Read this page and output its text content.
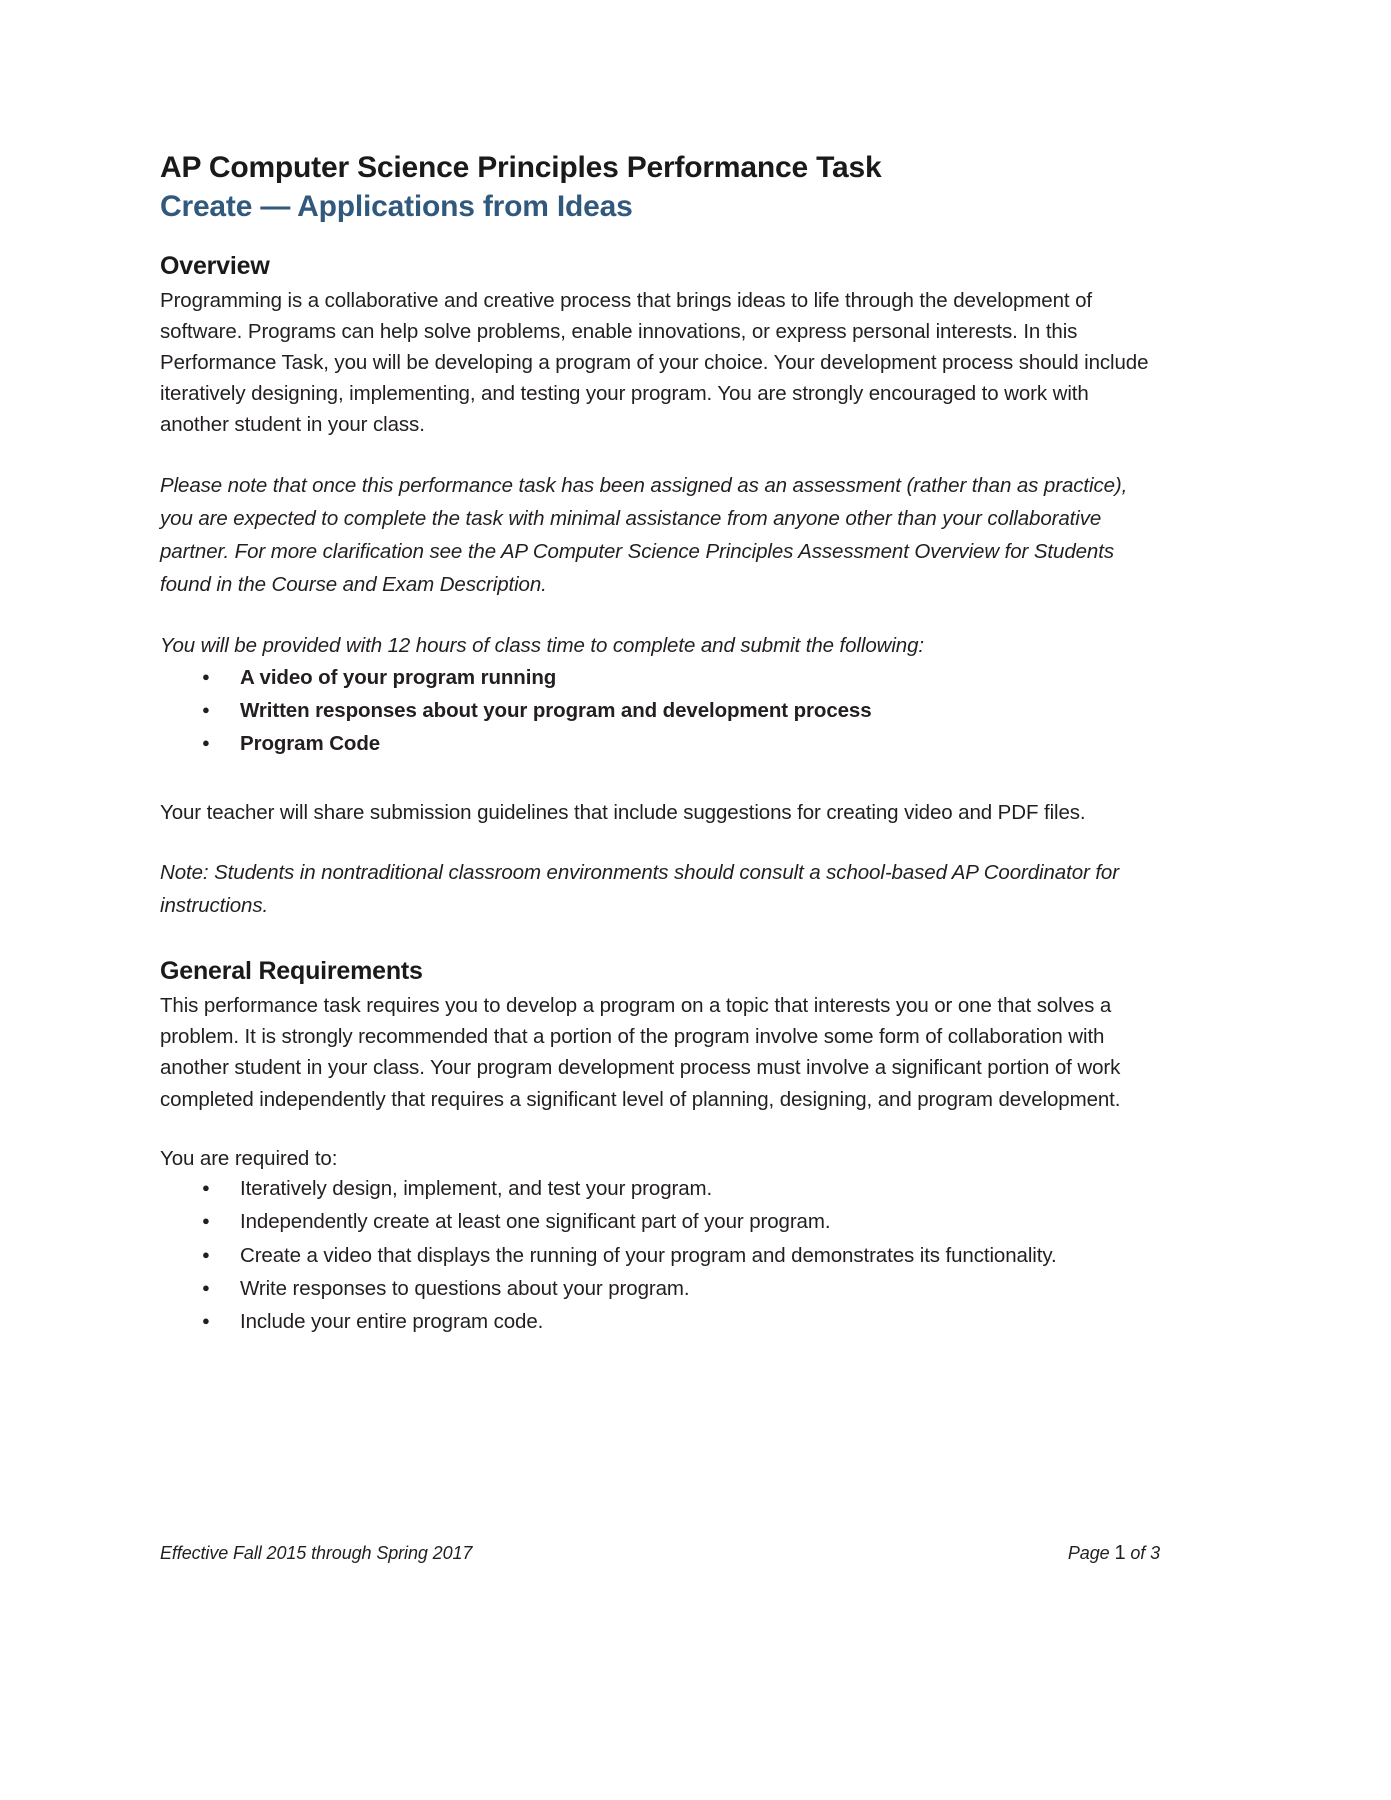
AP Computer Science Principles Performance Task
Create — Applications from Ideas
Overview

Programming is a collaborative and creative process that brings ideas to life through the development of software. Programs can help solve problems, enable innovations, or express personal interests. In this Performance Task, you will be developing a program of your choice. Your development process should include iteratively designing, implementing, and testing your program. You are strongly encouraged to work with another student in your class.

Please note that once this performance task has been assigned as an assessment (rather than as practice), you are expected to complete the task with minimal assistance from anyone other than your collaborative partner. For more clarification see the AP Computer Science Principles Assessment Overview for Students found in the Course and Exam Description.

You will be provided with 12 hours of class time to complete and submit the following:

● A video of your program running
● Written responses about your program and development process
● Program Code

Your teacher will share submission guidelines that include suggestions for creating video and PDF files.

Note: Students in nontraditional classroom environments should consult a school-based AP Coordinator for instructions.

General Requirements

This performance task requires you to develop a program on a topic that interests you or one that solves a problem. It is strongly recommended that a portion of the program involve some form of collaboration with another student in your class. Your program development process must involve a significant portion of work completed independently that requires a significant level of planning, designing, and program development.

You are required to:

● Iteratively design, implement, and test your program.
● Independently create at least one significant part of your program.
● Create a video that displays the running of your program and demonstrates its functionality.
● Write responses to questions about your program.
● Include your entire program code.
Effective Fall 2015 through Spring 2017	Page 1 of 3
